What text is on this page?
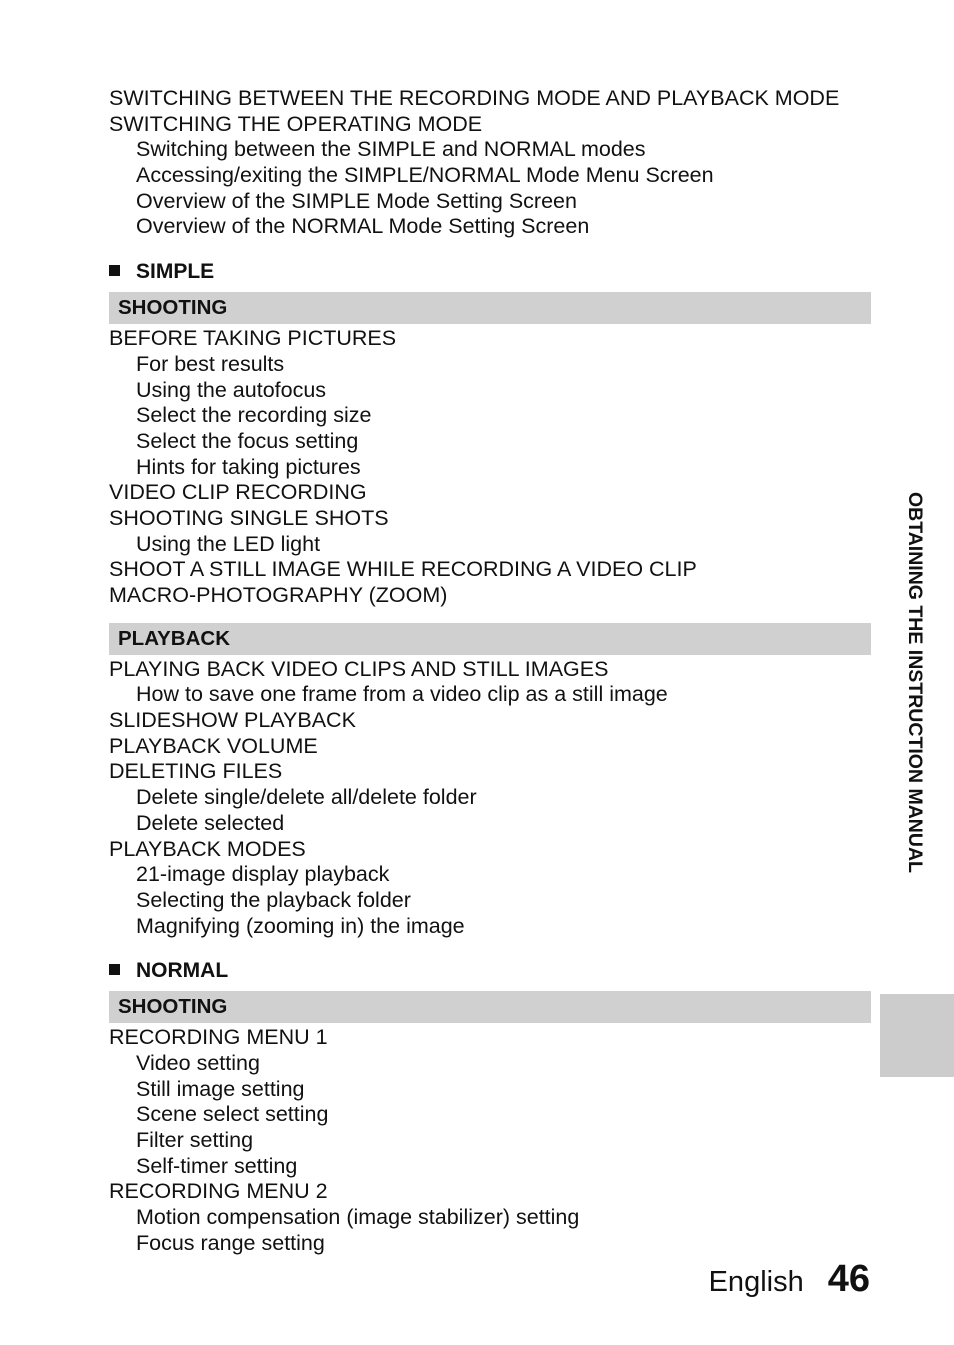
SWITCHING BETWEEN THE RECORDING MODE AND PLAYBACK MODE
SWITCHING THE OPERATING MODE
Switching between the SIMPLE and NORMAL modes
Accessing/exiting the SIMPLE/NORMAL Mode Menu Screen
Overview of the SIMPLE Mode Setting Screen
Overview of the NORMAL Mode Setting Screen
SIMPLE
SHOOTING
BEFORE TAKING PICTURES
For best results
Using the autofocus
Select the recording size
Select the focus setting
Hints for taking pictures
VIDEO CLIP RECORDING
SHOOTING SINGLE SHOTS
Using the LED light
SHOOT A STILL IMAGE WHILE RECORDING A VIDEO CLIP
MACRO-PHOTOGRAPHY (ZOOM)
PLAYBACK
PLAYING BACK VIDEO CLIPS AND STILL IMAGES
How to save one frame from a video clip as a still image
SLIDESHOW PLAYBACK
PLAYBACK VOLUME
DELETING FILES
Delete single/delete all/delete folder
Delete selected
PLAYBACK MODES
21-image display playback
Selecting the playback folder
Magnifying (zooming in) the image
NORMAL
SHOOTING
RECORDING MENU 1
Video setting
Still image setting
Scene select setting
Filter setting
Self-timer setting
RECORDING MENU 2
Motion compensation (image stabilizer) setting
Focus range setting
OBTAINING THE INSTRUCTION MANUAL
English 46
